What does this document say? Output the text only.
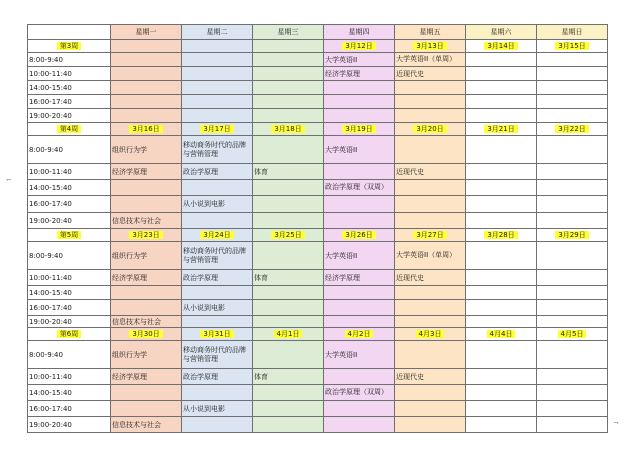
⌐
¬
	星期一	星期二	星期三	星期四	星期五	星期六	星期日
第3周				3月12日	3月13日	3月14日	3月15日
8:00-9:40				大学英语II	大学英语II（单周）		
10:00-11:40				经济学原理	近现代史		
14:00-15:40							
16:00-17:40							
19:00-20:40							
第4周	3月16日	3月17日	3月18日	3月19日	3月20日	3月21日	3月22日
8:00-9:40	组织行为学	移动商务时代的品牌与营销管理		大学英语II			
10:00-11:40	经济学原理	政治学原理	体育		近现代史		
14:00-15:40				政治学原理（双周）			
16:00-17:40		从小说到电影					
19:00-20:40	信息技术与社会						
第5周	3月23日	3月24日	3月25日	3月26日	3月27日	3月28日	3月29日
8:00-9:40	组织行为学	移动商务时代的品牌与营销管理		大学英语II	大学英语II（单周）		
10:00-11:40	经济学原理	政治学原理	体育	经济学原理	近现代史		
14:00-15:40							
16:00-17:40		从小说到电影					
19:00-20:40	信息技术与社会						
第6周	3月30日	3月31日	4月1日	4月2日	4月3日	4月4日	4月5日
8:00-9:40	组织行为学	移动商务时代的品牌与营销管理		大学英语II			
10:00-11:40	经济学原理	政治学原理	体育		近现代史		
14:00-15:40				政治学原理（双周）			
16:00-17:40		从小说到电影					
19:00-20:40	信息技术与社会						
